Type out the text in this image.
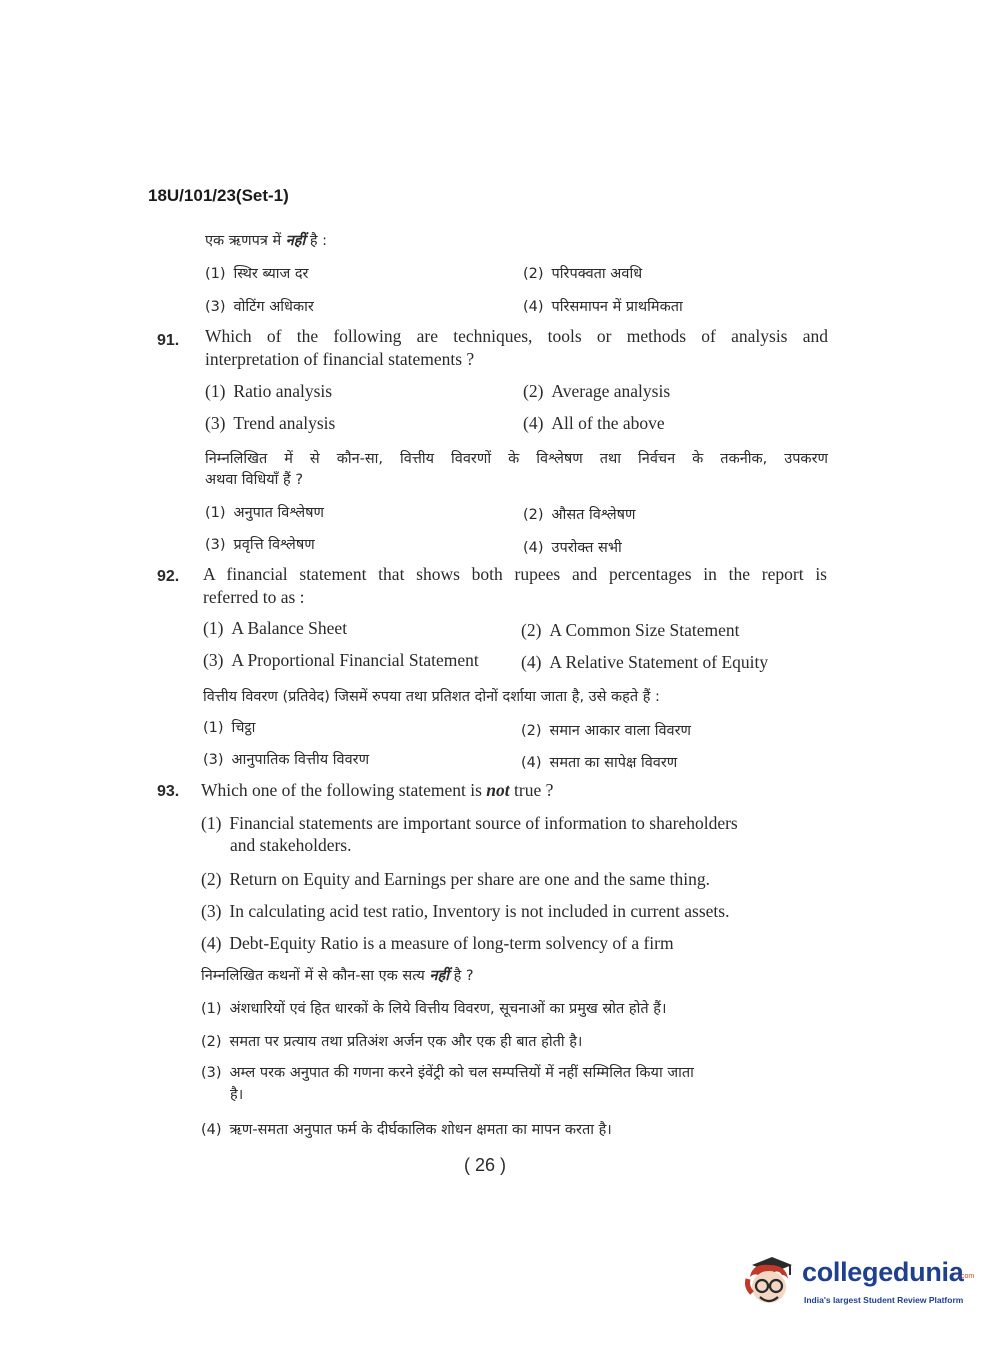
18U/101/23(Set-1)
एक ऋणपत्र में नहीं है :
(1) स्थिर ब्याज दर	(2) परिपक्वता अवधि
(3) वोटिंग अधिकार	(4) परिसमापन में प्राथमिकता
91. Which of the following are techniques, tools or methods of analysis and
interpretation of financial statements ?
(1) Ratio analysis	(2) Average analysis
(3) Trend analysis	(4) All of the above
निम्नलिखित में से कौन-सा, वित्तीय विवरणों के विश्लेषण तथा निर्वचन के तकनीक, उपकरण
अथवा विधियाँ हैं ?
(1) अनुपात विश्लेषण	(2) औसत विश्लेषण
(3) प्रवृत्ति विश्लेषण	(4) उपरोक्त सभी
92. A financial statement that shows both rupees and percentages in the report is
referred to as :
(1) A Balance Sheet	(2) A Common Size Statement
(3) A Proportional Financial Statement (4) A Relative Statement of Equity
वित्तीय विवरण (प्रतिवेद) जिसमें रुपया तथा प्रतिशत दोनों दर्शाया जाता है, उसे कहते हैं :
(1) चिट्ठा	(2) समान आकार वाला विवरण
(3) आनुपातिक वित्तीय विवरण	(4) समता का सापेक्ष विवरण
93. Which one of the following statement is not true ?
(1) Financial statements are important source of information to shareholders
and stakeholders.
(2) Return on Equity and Earnings per share are one and the same thing.
(3) In calculating acid test ratio, Inventory is not included in current assets.
(4) Debt-Equity Ratio is a measure of long-term solvency of a firm
निम्नलिखित कथनों में से कौन-सा एक सत्य नहीं है ?
(1) अंशधारियों एवं हित धारकों के लिये वित्तीय विवरण, सूचनाओं का प्रमुख स्रोत होते हैं।
(2) समता पर प्रत्याय तथा प्रतिअंश अर्जन एक और एक ही बात होती है।
(3) अम्ल परक अनुपात की गणना करने इंवेंट्री को चल सम्पत्तियों में नहीं सम्मिलित किया जाता
है।
(4) ऋण-समता अनुपात फर्म के दीर्घकालिक शोधन क्षमता का मापन करता है।
( 26 )
collegedunia
.com
India's largest Student Review Platform
